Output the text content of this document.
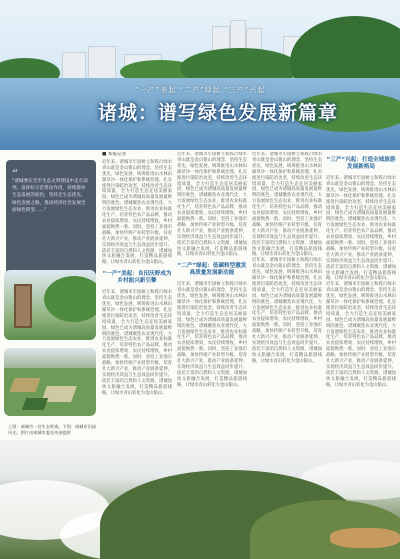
“一产”美起 “二产”绿起 “三产”兴起
诸城：谱写绿色发展新篇章
“
“诸城要在全市生态文明建设中走在前列，发挥好示范带动作用，持续擦亮生态发展的底色，坚持走生态优先、绿色发展之路，推动经济社会发展全面绿色转型……”
上图：诸城市一处生态景观。下图：诸城市田园风光。图片由诸城市委宣传部提供
■ 本报记者
近年来，诸城市牢固树立和践行绿水青山就是金山银山的理念，坚持生态优先、绿色发展，统筹推进山水林田湖草沙一体化保护和系统治理，扎实推进污染防治攻坚，持续改善生态环境质量，全力打造生态宜居美丽家园，绿色已成为诸城高质量发展最鲜明的底色。诸城聚焦农业现代化，大力发展绿色生态农业，推进农业标准化生产，培育特色农产品品牌，推动农业提质增效、农民持续增收，乡村面貌焕然一新。同时，坚持工业强市战略，加快传统产业转型升级，培育壮大新兴产业，推动产业链条延伸，实现经济效益与生态效益同步提升。依托丰富的自然和人文资源，诸城加快文旅融合发展，打造精品旅游线路，让绿水青山转化为金山银山。
“一产”美起：良田沃野成为乡村振兴新引擎
近年来，诸城市牢固树立和践行绿水青山就是金山银山的理念，坚持生态优先、绿色发展，统筹推进山水林田湖草沙一体化保护和系统治理，扎实推进污染防治攻坚，持续改善生态环境质量，全力打造生态宜居美丽家园，绿色已成为诸城高质量发展最鲜明的底色。诸城聚焦农业现代化，大力发展绿色生态农业，推进农业标准化生产，培育特色农产品品牌，推动农业提质增效、农民持续增收，乡村面貌焕然一新。同时，坚持工业强市战略，加快传统产业转型升级，培育壮大新兴产业，推动产业链条延伸，实现经济效益与生态效益同步提升。依托丰富的自然和人文资源，诸城加快文旅融合发展，打造精品旅游线路，让绿水青山转化为金山银山。
近年来，诸城市牢固树立和践行绿水青山就是金山银山的理念，坚持生态优先、绿色发展，统筹推进山水林田湖草沙一体化保护和系统治理，扎实推进污染防治攻坚，持续改善生态环境质量，全力打造生态宜居美丽家园，绿色已成为诸城高质量发展最鲜明的底色。诸城聚焦农业现代化，大力发展绿色生态农业，推进农业标准化生产，培育特色农产品品牌，推动农业提质增效、农民持续增收，乡村面貌焕然一新。同时，坚持工业强市战略，加快传统产业转型升级，培育壮大新兴产业，推动产业链条延伸，实现经济效益与生态效益同步提升。依托丰富的自然和人文资源，诸城加快文旅融合发展，打造精品旅游线路，让绿水青山转化为金山银山。
“二产”绿起：低碳转型激发高质量发展新动能
近年来，诸城市牢固树立和践行绿水青山就是金山银山的理念，坚持生态优先、绿色发展，统筹推进山水林田湖草沙一体化保护和系统治理，扎实推进污染防治攻坚，持续改善生态环境质量，全力打造生态宜居美丽家园，绿色已成为诸城高质量发展最鲜明的底色。诸城聚焦农业现代化，大力发展绿色生态农业，推进农业标准化生产，培育特色农产品品牌，推动农业提质增效、农民持续增收，乡村面貌焕然一新。同时，坚持工业强市战略，加快传统产业转型升级，培育壮大新兴产业，推动产业链条延伸，实现经济效益与生态效益同步提升。依托丰富的自然和人文资源，诸城加快文旅融合发展，打造精品旅游线路，让绿水青山转化为金山银山。
近年来，诸城市牢固树立和践行绿水青山就是金山银山的理念，坚持生态优先、绿色发展，统筹推进山水林田湖草沙一体化保护和系统治理，扎实推进污染防治攻坚，持续改善生态环境质量，全力打造生态宜居美丽家园，绿色已成为诸城高质量发展最鲜明的底色。诸城聚焦农业现代化，大力发展绿色生态农业，推进农业标准化生产，培育特色农产品品牌，推动农业提质增效、农民持续增收，乡村面貌焕然一新。同时，坚持工业强市战略，加快传统产业转型升级，培育壮大新兴产业，推动产业链条延伸，实现经济效益与生态效益同步提升。依托丰富的自然和人文资源，诸城加快文旅融合发展，打造精品旅游线路，让绿水青山转化为金山银山。
近年来，诸城市牢固树立和践行绿水青山就是金山银山的理念，坚持生态优先、绿色发展，统筹推进山水林田湖草沙一体化保护和系统治理，扎实推进污染防治攻坚，持续改善生态环境质量，全力打造生态宜居美丽家园，绿色已成为诸城高质量发展最鲜明的底色。诸城聚焦农业现代化，大力发展绿色生态农业，推进农业标准化生产，培育特色农产品品牌，推动农业提质增效、农民持续增收，乡村面貌焕然一新。同时，坚持工业强市战略，加快传统产业转型升级，培育壮大新兴产业，推动产业链条延伸，实现经济效益与生态效益同步提升。依托丰富的自然和人文资源，诸城加快文旅融合发展，打造精品旅游线路，让绿水青山转化为金山银山。
“三产”兴起：打造全域旅游发展新格局
近年来，诸城市牢固树立和践行绿水青山就是金山银山的理念，坚持生态优先、绿色发展，统筹推进山水林田湖草沙一体化保护和系统治理，扎实推进污染防治攻坚，持续改善生态环境质量，全力打造生态宜居美丽家园，绿色已成为诸城高质量发展最鲜明的底色。诸城聚焦农业现代化，大力发展绿色生态农业，推进农业标准化生产，培育特色农产品品牌，推动农业提质增效、农民持续增收，乡村面貌焕然一新。同时，坚持工业强市战略，加快传统产业转型升级，培育壮大新兴产业，推动产业链条延伸，实现经济效益与生态效益同步提升。依托丰富的自然和人文资源，诸城加快文旅融合发展，打造精品旅游线路，让绿水青山转化为金山银山。
近年来，诸城市牢固树立和践行绿水青山就是金山银山的理念，坚持生态优先、绿色发展，统筹推进山水林田湖草沙一体化保护和系统治理，扎实推进污染防治攻坚，持续改善生态环境质量，全力打造生态宜居美丽家园，绿色已成为诸城高质量发展最鲜明的底色。诸城聚焦农业现代化，大力发展绿色生态农业，推进农业标准化生产，培育特色农产品品牌，推动农业提质增效、农民持续增收，乡村面貌焕然一新。同时，坚持工业强市战略，加快传统产业转型升级，培育壮大新兴产业，推动产业链条延伸，实现经济效益与生态效益同步提升。依托丰富的自然和人文资源，诸城加快文旅融合发展，打造精品旅游线路，让绿水青山转化为金山银山。
